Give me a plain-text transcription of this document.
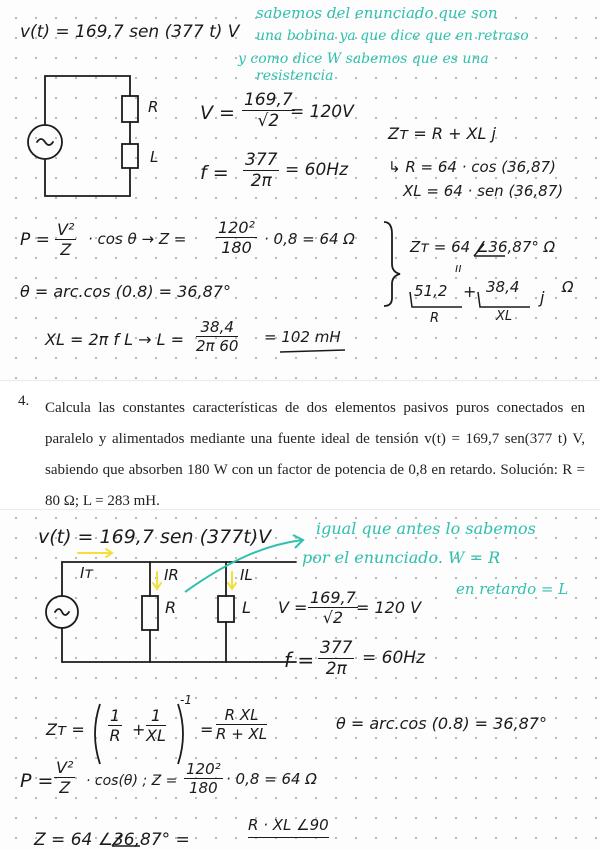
v(t) = 169,7 sen (377 t) V
sabemos del enunciado que son
una bobina ya que dice que en retraso
y como dice W sabemos que es una
resistencia
R
L
$V = \frac{169,7}{√2}$
= 120V
$f = \frac{377}{2\pi} = 60Hz$
Zт = R + XL j
↳ R = 64 · cos (36,87)
XL = 64 · sen (36,87)
$P = \frac{\text{V²}}{Z} \cdot \cos \theta \to Z = \frac{\text{120²}}{180} \cdot 0,8 = 64$ Ω
θ = arc.cos (0.8) = 36,87°
Zт = 64 ∠36,87° Ω
ıı
51,2 + 38,4
j
Ω
R	XL
XL = 2π f $L \to L = \frac{38,4}{2\pi 60} = 102$ mH
4. Calcula las constantes características de dos elementos pasivos puros conectados en paralelo y alimentados mediante una fuente ideal de tensión v(t) = 169,7 sen(377 t) V, sabiendo que absorben 180 W con un factor de potencia de 0,8 en retardo. Solución: R = 80 Ω; L = 283 mH.
v(t) = 169,7 sen (377t)V	igual que antes lo sabemos
por el enunciado. W = R
en retardo = L
Iт	IR	IL
R	L $V = \frac{169,7}{√2}$
= 120 V
$f = \frac{377}{2\pi} = 60Hz$
Zт = $\frac{1}{R} + \frac{1}{XL}$
-1
= $\frac{\text{R XL}}{R + XL}$	θ = arc.cos (0.8) = 36,87°
$P = \frac{\text{V²}}{Z} \cdot \cos(\theta)$ ; $Z = \frac{\text{120²}}{180} \cdot 0,8 = 64$ Ω
Z = 64 ∠36,87° =
R · XL ∠90
